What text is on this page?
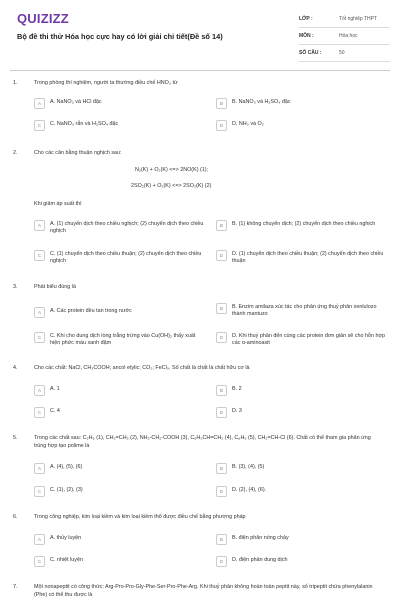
QUIZIZZ
Bộ đề thi thử Hóa học cực hay có lời giải chi tiết(Đề số 14)
LỚP :	Tốt nghiệp THPT
MÔN :	Hóa học
SỐ CÂU :	50
1.	Trong phòng thí nghiệm, người ta thường điều chế HNO₃ từ
A	A. NaNO₃ và HCl đặc	B	B. NaNO₃ và H₂SO₄ đặc
C	C. NaNO₃ rắn và H₂SO₄ đặc	D	D. NH₃ và O₂
2.	Cho các cân bằng thuận nghịch sau:
N₂(K) + O₂(K) <=> 2NO(K) (1);
2SO₂(K) + O₂(K) <=> 2SO₃(K) (2)
Khi giảm áp suất thì
A	A. (1) chuyển dịch theo chiều nghịch; (2) chuyển dịch theo chiều nghịch
B	B. (1) không chuyển dịch; (2) chuyển dịch theo chiều nghịch
C	C. (1) chuyển dịch theo chiều thuận; (2) chuyển dịch theo chiều nghịch
D	D. (1) chuyển dịch theo chiều thuận; (2) chuyển dịch theo chiều thuận
3.	Phát biểu đúng là
A	A. Các protein đều tan trong nước	B	B. Enzim amilaza xúc tác cho phản ứng thuỷ phân xenlulozo thành mantuzo
C	C. Khi cho dung dịch lòng trắng trứng vào Cu(OH)₂ thấy xuất hiện phức màu xanh đậm
D	D. Khi thuỷ phân đến cùng các protein đơn giản sẽ cho hỗn hợp các α-aminoaxit
4.	Cho các chất: NaCl, CH₃COOH; ancol etylic; CO₂; FeCl₃. Số chất là chất là chất hữu cơ là
A	A. 1	B	B. 2
C	C. 4	D	D. 3
5.	Trong các chất sau: C₂H₆ (1), CH₂=CH₂ (2), NH₂-CH₂-COOH (3), C₆H₅CH=CH₂ (4), C₆H₆ (5), CH₂=CH-Cl (6). Chất có thể tham gia phản ứng trùng hợp tạo polime là
A	A. (4), (5), (6)	B	B. (3), (4), (5)
C	C. (1), (2), (3)	D	D. (2), (4), (6).
6.	Trong công nghiệp, kim loại kiềm và kim loại kiềm thổ được điều chế bằng phương pháp
A	A. thủy luyện	B	B. điện phân nóng chảy
C	C. nhiệt luyện	D	D. điện phân dung dịch
7.	Một nonapeptit có công thức: Arg-Pro-Pro-Gly-Phe-Ser-Pro-Phe-Arg. Khi thuỷ phân không hoàn toàn peptit này, số tripeptit chứa phenylalanin (Phe) có thể thu được là
